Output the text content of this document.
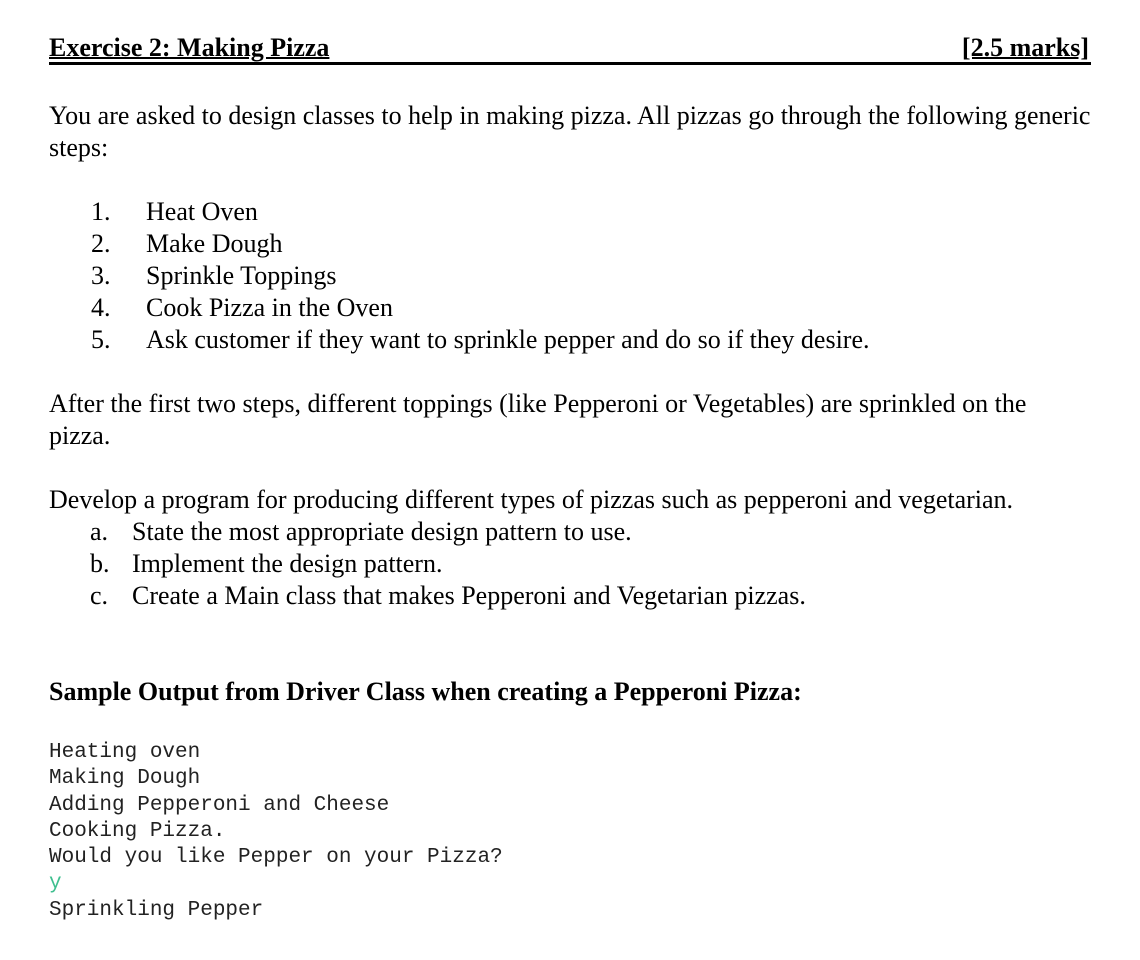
Exercise 2: Making Pizza	[2.5 marks]

You are asked to design classes to help in making pizza. All pizzas go through the following generic steps:

1. Heat Oven
2. Make Dough
3. Sprinkle Toppings
4. Cook Pizza in the Oven
5. Ask customer if they want to sprinkle pepper and do so if they desire.

After the first two steps, different toppings (like Pepperoni or Vegetables) are sprinkled on the pizza.

Develop a program for producing different types of pizzas such as pepperoni and vegetarian.

a. State the most appropriate design pattern to use.
b. Implement the design pattern.
c. Create a Main class that makes Pepperoni and Vegetarian pizzas.
Sample Output from Driver Class when creating a Pepperoni Pizza:
Heating oven
Making Dough
Adding Pepperoni and Cheese
Cooking Pizza.
Would you like Pepper on your Pizza?
y
Sprinkling Pepper
